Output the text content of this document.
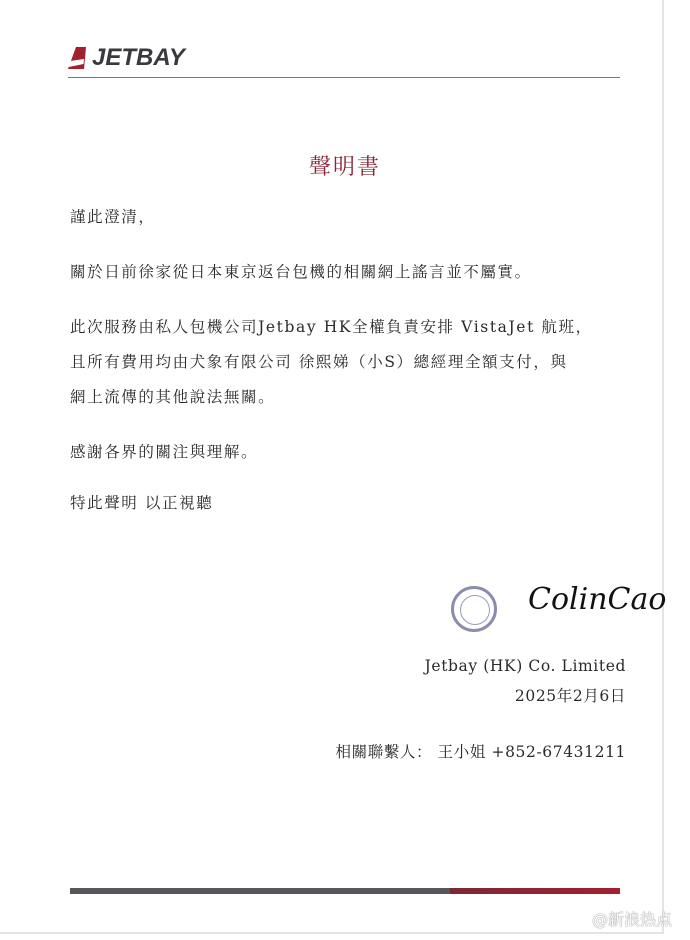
JETBAY
聲明書
謹此澄清，
關於日前徐家從日本東京返台包機的相關網上謠言並不屬實。
此次服務由私人包機公司Jetbay HK全權負責安排 VistaJet 航班，
且所有費用均由犬象有限公司 徐熙娣（小S）總經理全額支付，與
網上流傳的其他說法無關。
感謝各界的關注與理解。
特此聲明 以正視聽
ColinCao
Jetbay (HK) Co. Limited
2025年2月6日
相關聯繫人： 王小姐 +852-67431211
@新浪热点
